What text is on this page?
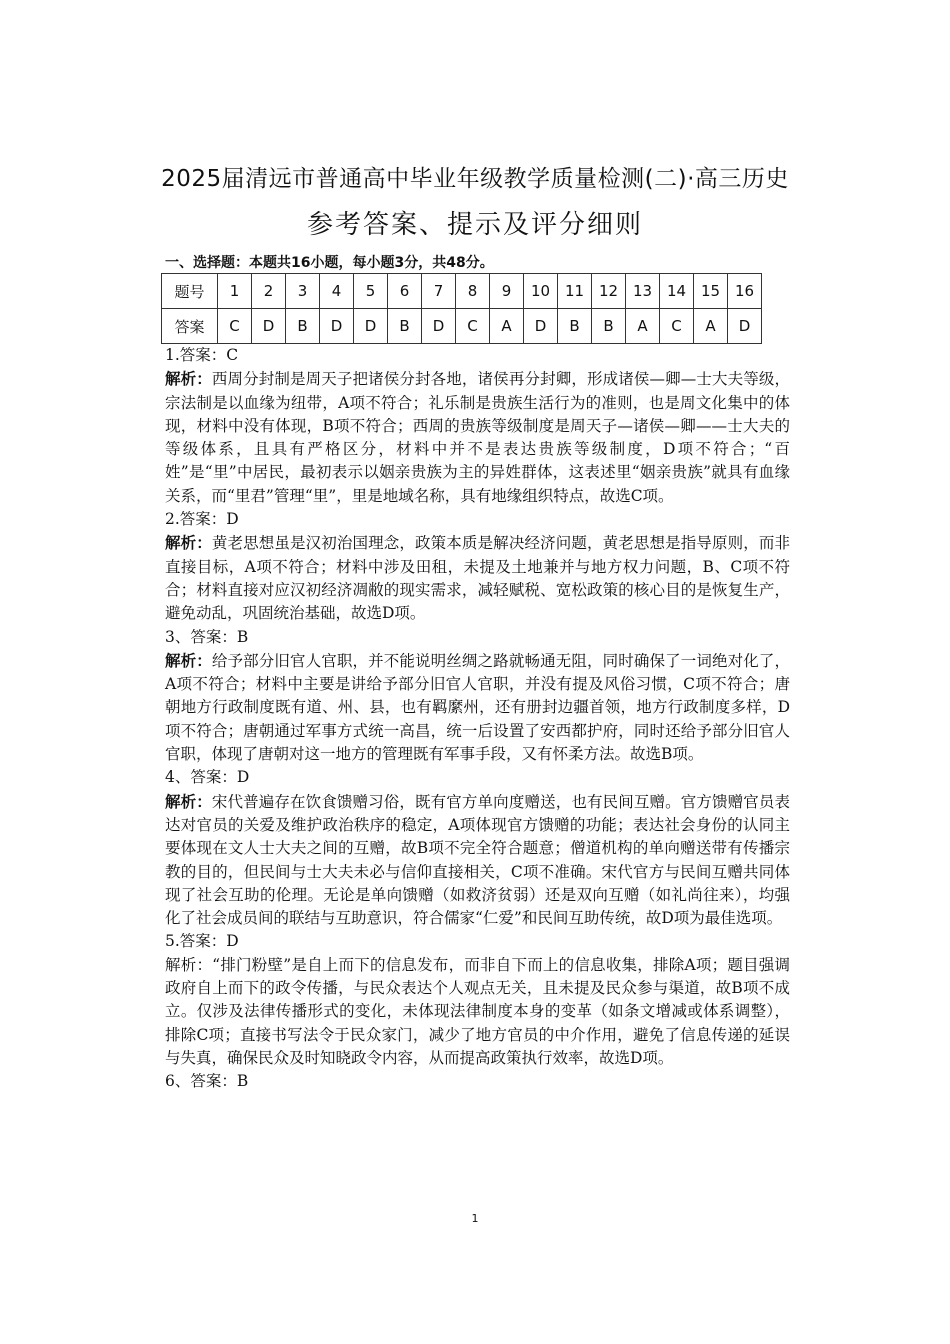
2025届清远市普通高中毕业年级教学质量检测(二)·高三历史
参考答案、提示及评分细则
一、选择题：本题共16小题，每小题3分，共48分。
题号	1	2	3	4	5	6	7	8	9	10	11	12	13	14	15	16
答案	C	D	B	D	D	B	D	C	A	D	B	B	A	C	A	D

1.答案：C

解析：西周分封制是周天子把诸侯分封各地，诸侯再分封卿，形成诸侯—卿—士大夫等级，宗法制是以血缘为纽带，A项不符合；礼乐制是贵族生活行为的准则，也是周文化集中的体现，材料中没有体现，B项不符合；西周的贵族等级制度是周天子—诸侯—卿——士大夫的等级体系，且具有严格区分，材料中并不是表达贵族等级制度，D项不符合；“百姓”是“里”中居民，最初表示以姻亲贵族为主的异姓群体，这表述里“姻亲贵族”就具有血缘关系，而“里君”管理“里”，里是地域名称，具有地缘组织特点，故选C项。

2.答案：D

解析：黄老思想虽是汉初治国理念，政策本质是解决经济问题，黄老思想是指导原则，而非直接目标，A项不符合；材料中涉及田租，未提及土地兼并与地方权力问题，B、C项不符合；材料直接对应汉初经济凋敝的现实需求，减轻赋税、宽松政策的核心目的是恢复生产，避免动乱，巩固统治基础，故选D项。

3、答案：B

解析：给予部分旧官人官职，并不能说明丝绸之路就畅通无阻，同时确保了一词绝对化了，A项不符合；材料中主要是讲给予部分旧官人官职，并没有提及风俗习惯，C项不符合；唐朝地方行政制度既有道、州、县，也有羁縻州，还有册封边疆首领，地方行政制度多样，D项不符合；唐朝通过军事方式统一高昌，统一后设置了安西都护府，同时还给予部分旧官人官职，体现了唐朝对这一地方的管理既有军事手段，又有怀柔方法。故选B项。

4、答案：D

解析：宋代普遍存在饮食馈赠习俗，既有官方单向度赠送，也有民间互赠。官方馈赠官员表达对官员的关爱及维护政治秩序的稳定，A项体现官方馈赠的功能；表达社会身份的认同主要体现在文人士大夫之间的互赠，故B项不完全符合题意；僧道机构的单向赠送带有传播宗教的目的，但民间与士大夫未必与信仰直接相关，C项不准确。宋代官方与民间互赠共同体现了社会互助的伦理。无论是单向馈赠（如救济贫弱）还是双向互赠（如礼尚往来），均强化了社会成员间的联结与互助意识，符合儒家“仁爱”和民间互助传统，故D项为最佳选项。

5.答案：D

解析：“排门粉壁”是自上而下的信息发布，而非自下而上的信息收集，排除A项；题目强调政府自上而下的政令传播，与民众表达个人观点无关，且未提及民众参与渠道，故B项不成立。仅涉及法律传播形式的变化，未体现法律制度本身的变革（如条文增减或体系调整），排除C项；直接书写法令于民众家门，减少了地方官员的中介作用，避免了信息传递的延误与失真，确保民众及时知晓政令内容，从而提高政策执行效率，故选D项。

6、答案：B

1
